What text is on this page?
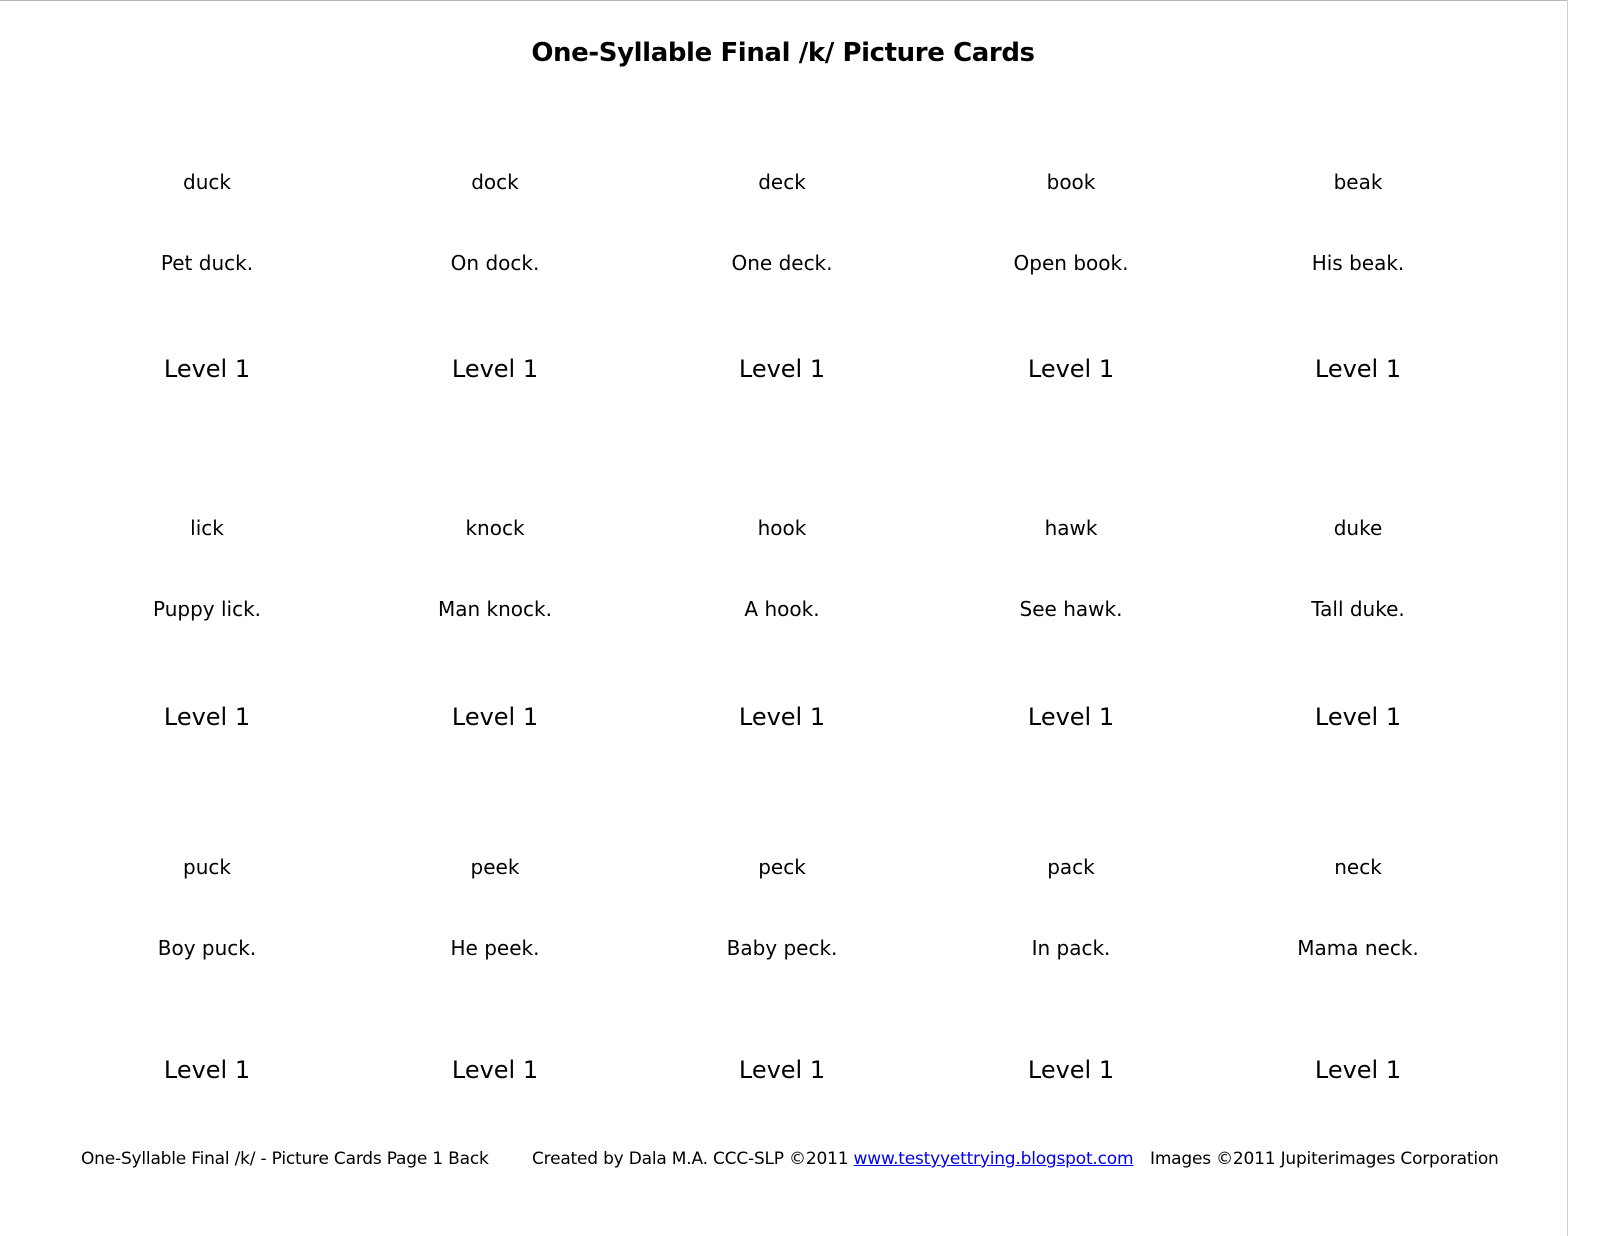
One-Syllable Final /k/ Picture Cards
duck
Pet duck.
Level 1
dock
On dock.
Level 1
deck
One deck.
Level 1
book
Open book.
Level 1
beak
His beak.
Level 1
lick
Puppy lick.
Level 1
knock
Man knock.
Level 1
hook
A hook.
Level 1
hawk
See hawk.
Level 1
duke
Tall duke.
Level 1
puck
Boy puck.
Level 1
peek
He peek.
Level 1
peck
Baby peck.
Level 1
pack
In pack.
Level 1
neck
Mama neck.
Level 1
One-Syllable Final /k/ - Picture Cards Page 1 Back	Created by Dala M.A. CCC-SLP ©2011 www.testyyettrying.blogspot.com Images ©2011 Jupiterimages Corporation
